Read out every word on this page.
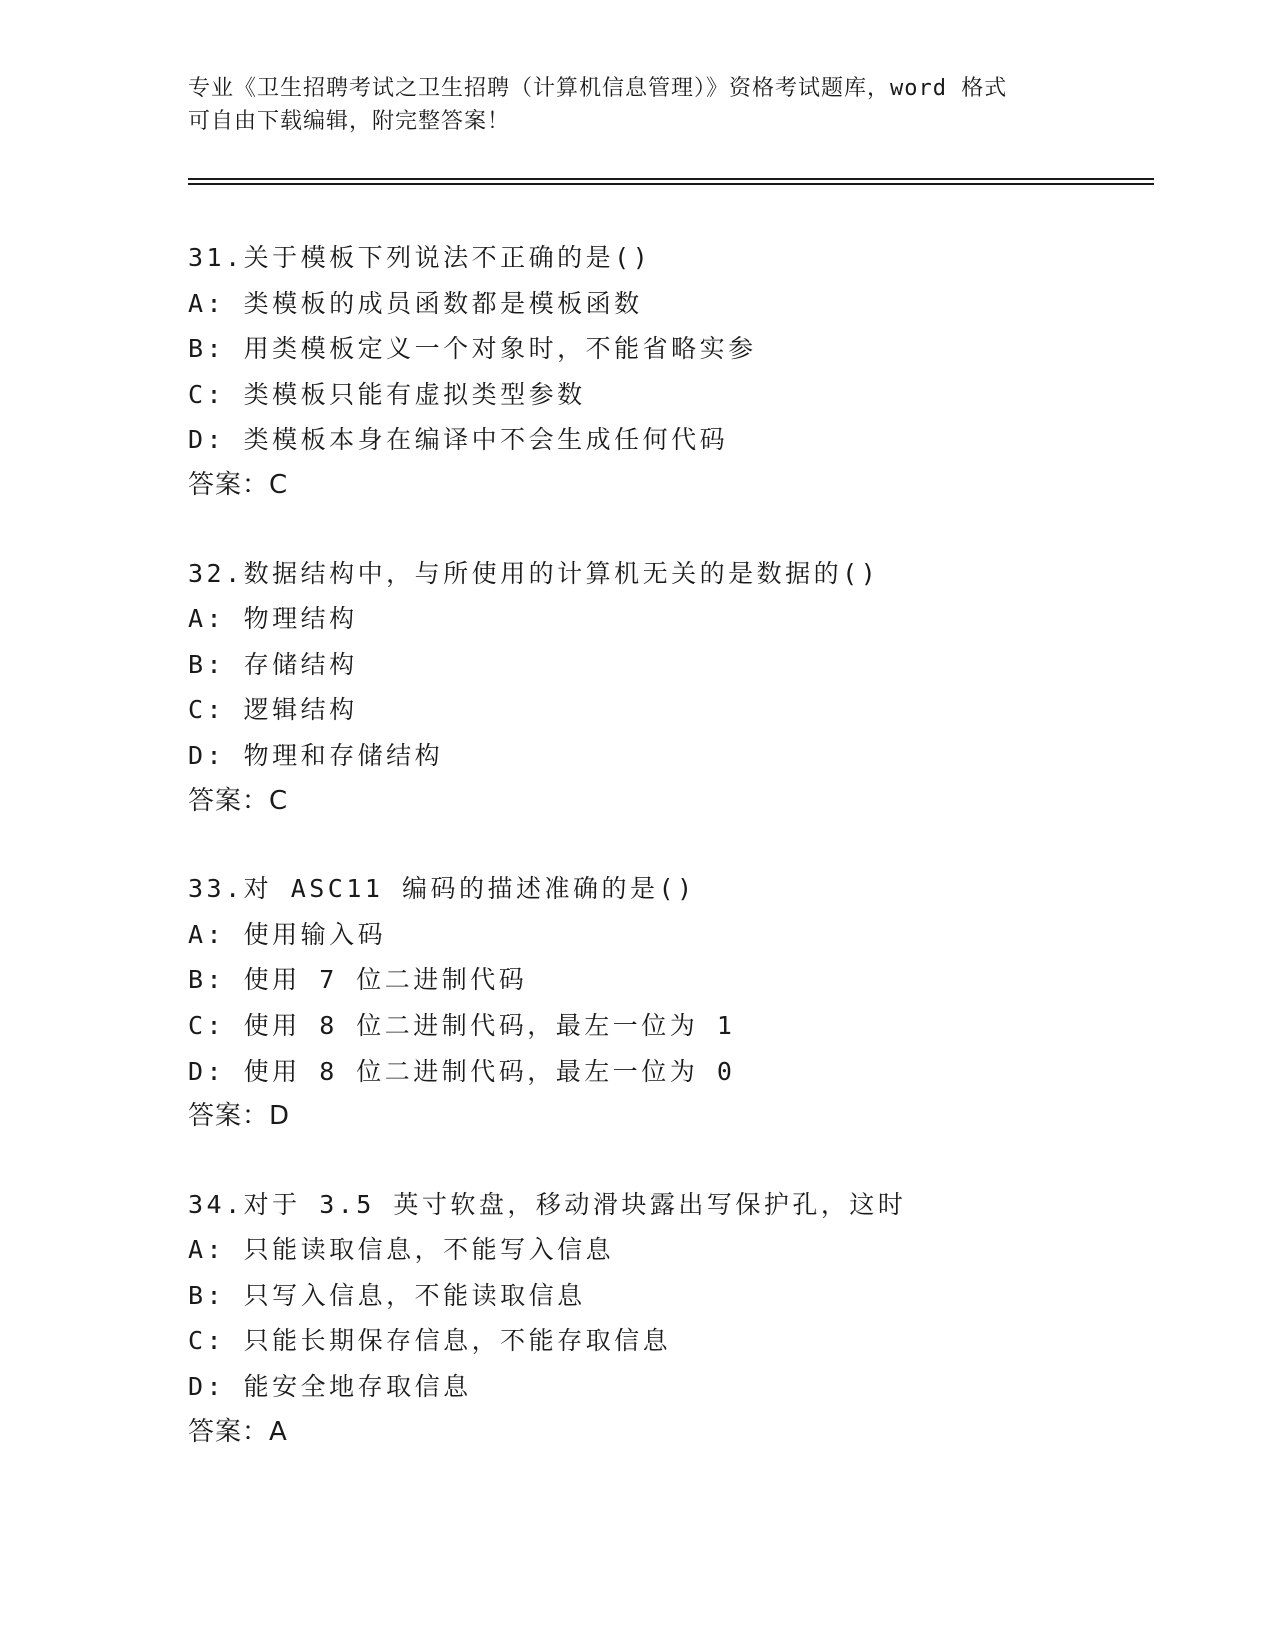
专业《卫生招聘考试之卫生招聘（计算机信息管理）》资格考试题库，word 格式
可自由下载编辑，附完整答案！
31.关于模板下列说法不正确的是()
A: 类模板的成员函数都是模板函数
B: 用类模板定义一个对象时，不能省略实参
C: 类模板只能有虚拟类型参数
D: 类模板本身在编译中不会生成任何代码
答案：C
32.数据结构中，与所使用的计算机无关的是数据的()
A: 物理结构
B: 存储结构
C: 逻辑结构
D: 物理和存储结构
答案：C
33.对 ASC11 编码的描述准确的是()
A: 使用输入码
B: 使用 7 位二进制代码
C: 使用 8 位二进制代码，最左一位为 1
D: 使用 8 位二进制代码，最左一位为 0
答案：D
34.对于 3.5 英寸软盘，移动滑块露出写保护孔，这时
A: 只能读取信息，不能写入信息
B: 只写入信息，不能读取信息
C: 只能长期保存信息，不能存取信息
D: 能安全地存取信息
答案：A
